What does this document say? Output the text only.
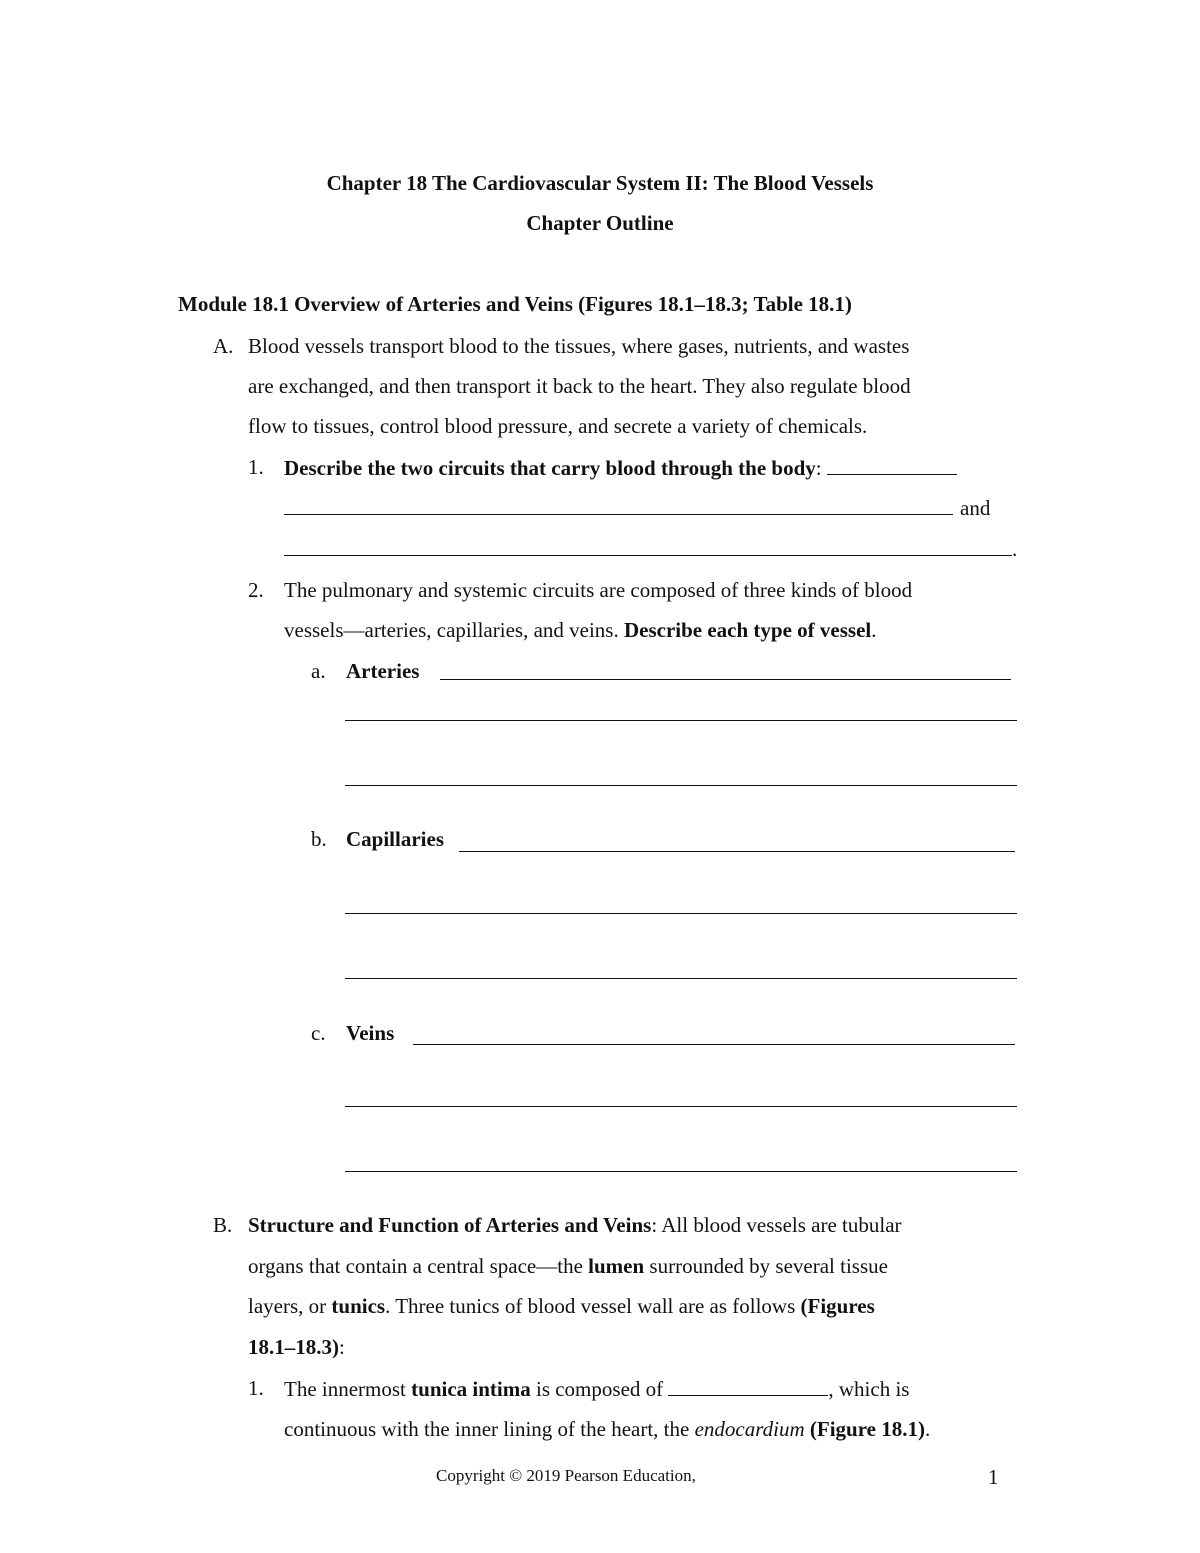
Chapter 18 The Cardiovascular System II: The Blood Vessels
Chapter Outline
Module 18.1 Overview of Arteries and Veins (Figures 18.1–18.3; Table 18.1)
A. Blood vessels transport blood to the tissues, where gases, nutrients, and wastes
are exchanged, and then transport it back to the heart. They also regulate blood
flow to tissues, control blood pressure, and secrete a variety of chemicals.
1. Describe the two circuits that carry blood through the body:
and
.
2. The pulmonary and systemic circuits are composed of three kinds of blood
vessels—arteries, capillaries, and veins. Describe each type of vessel.
a. Arteries
b. Capillaries
c. Veins
B. Structure and Function of Arteries and Veins: All blood vessels are tubular
organs that contain a central space—the lumen surrounded by several tissue
layers, or tunics. Three tunics of blood vessel wall are as follows (Figures
18.1–18.3):
1. The innermost tunica intima is composed of	, which is
continuous with the inner lining of the heart, the endocardium (Figure 18.1).
Copyright © 2019 Pearson Education,	1
